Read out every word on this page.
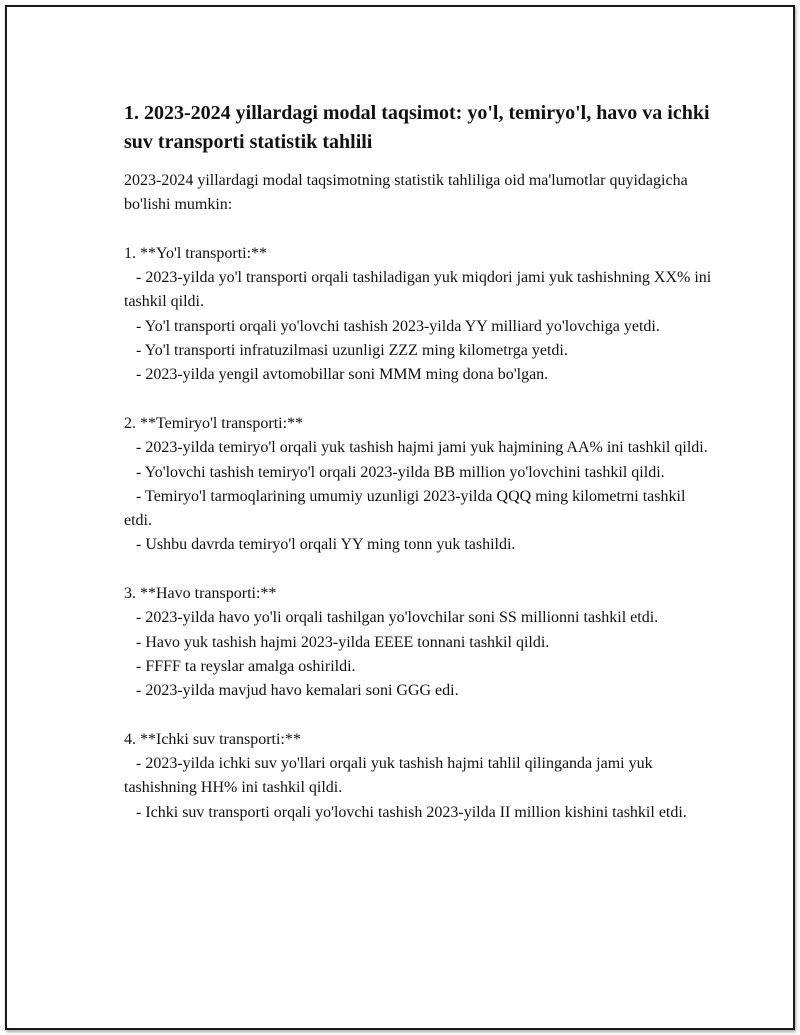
1. 2023-2024 yillardagi modal taqsimot: yo'l, temiryo'l, havo va ichki suv transporti statistik tahlili

2023-2024 yillardagi modal taqsimotning statistik tahliliga oid ma'lumotlar quyidagicha bo'lishi mumkin:

1. **Yo'l transporti:**
- 2023-yilda yo'l transporti orqali tashiladigan yuk miqdori jami yuk tashishning XX% ini tashkil qildi.
- Yo'l transporti orqali yo'lovchi tashish 2023-yilda YY milliard yo'lovchiga yetdi.
- Yo'l transporti infratuzilmasi uzunligi ZZZ ming kilometrga yetdi.
- 2023-yilda yengil avtomobillar soni MMM ming dona bo'lgan.

2. **Temiryo'l transporti:**
- 2023-yilda temiryo'l orqali yuk tashish hajmi jami yuk hajmining AA% ini tashkil qildi.
- Yo'lovchi tashish temiryo'l orqali 2023-yilda BB million yo'lovchini tashkil qildi.
- Temiryo'l tarmoqlarining umumiy uzunligi 2023-yilda QQQ ming kilometrni tashkil etdi.
- Ushbu davrda temiryo'l orqali YY ming tonn yuk tashildi.

3. **Havo transporti:**
- 2023-yilda havo yo'li orqali tashilgan yo'lovchilar soni SS millionni tashkil etdi.
- Havo yuk tashish hajmi 2023-yilda EEEE tonnani tashkil qildi.
- FFFF ta reyslar amalga oshirildi.
- 2023-yilda mavjud havo kemalari soni GGG edi.

4. **Ichki suv transporti:**
- 2023-yilda ichki suv yo'llari orqali yuk tashish hajmi tahlil qilinganda jami yuk tashishning HH% ini tashkil qildi.
- Ichki suv transporti orqali yo'lovchi tashish 2023-yilda II million kishini tashkil etdi.
